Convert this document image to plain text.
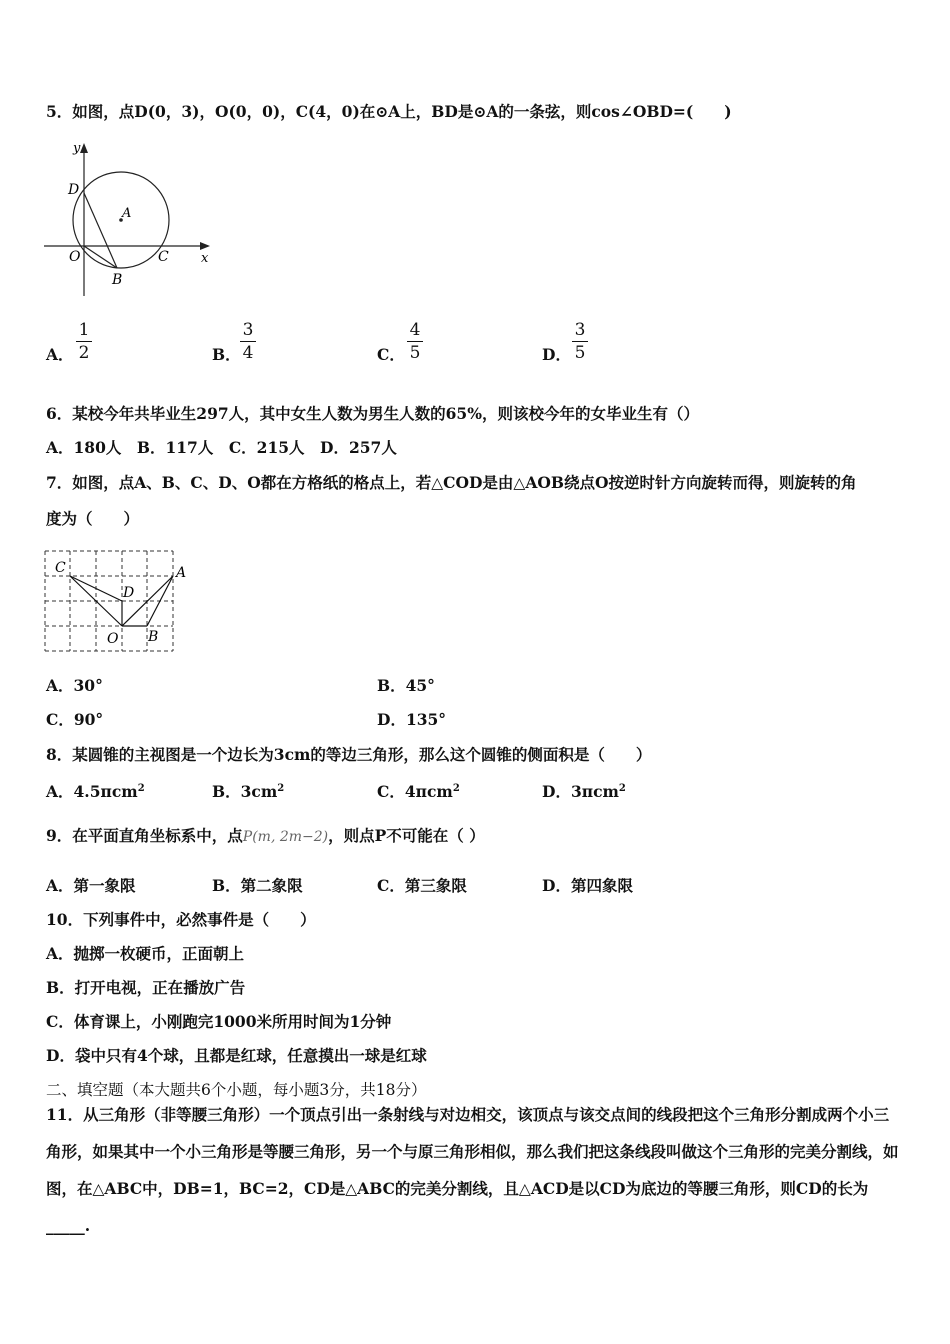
5．如图，点D(0，3)，O(0，0)，C(4，0)在⊙A上，BD是⊙A的一条弦，则cos∠OBD=(　　)
y
x
D
A
O
B
C
A．
1
2	B．
3
4	C．
4
5	D．
3
5
6．某校今年共毕业生297人，其中女生人数为男生人数的65%，则该校今年的女毕业生有（）
A．180人　B．117人　C．215人　D．257人
7．如图，点A、B、C、D、O都在方格纸的格点上，若△COD是由△AOB绕点O按逆时针方向旋转而得，则旋转的角
度为（　　）
C	A
D
O B
A．30°	B．45°
C．90°	D．135°
8．某圆锥的主视图是一个边长为3cm的等边三角形，那么这个圆锥的侧面积是（　　）
A．4.5πcm$^2$	B．$3cm^2$	C．4πcm$^2$	D．3πcm$^2$
9．在平面直角坐标系中，点P(m, 2m−2)，则点P不可能在（ ）
A．第一象限	B．第二象限	C．第三象限	D．第四象限
10．下列事件中，必然事件是（　　）
A．抛掷一枚硬币，正面朝上
B．打开电视，正在播放广告
C．体育课上，小刚跑完1000米所用时间为1分钟
D．袋中只有4个球，且都是红球，任意摸出一球是红球
二、填空题（本大题共6个小题，每小题3分，共18分）
11．从三角形（非等腰三角形）一个顶点引出一条射线与对边相交，该顶点与该交点间的线段把这个三角形分割成两个小三角形，如果其中一个小三角形是等腰三角形，另一个与原三角形相似，那么我们把这条线段叫做这个三角形的完美分割线，如图，在△ABC中，DB=1，BC=2，CD是△ABC的完美分割线，且△ACD是以CD为底边的等腰三角形，则CD的长为_____.
